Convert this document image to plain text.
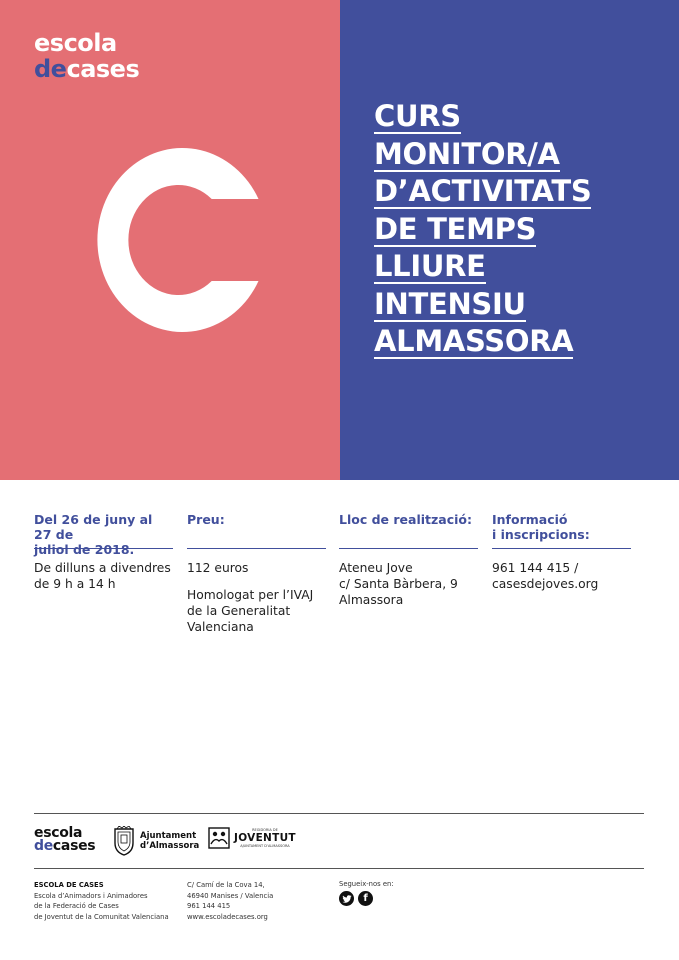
escola
decases
CURS
MONITOR/A
D’ACTIVITATS
DE TEMPS
LLIURE
INTENSIU
ALMASSORA

Del 26 de juny al 27 de
juliol de 2018.

De dilluns a divendres
de 9 h a 14 h

Preu:

112 euros

Homologat per l’IVAJ
de la Generalitat
Valenciana

Lloc de realització:

Ateneu Jove
c/ Santa Bàrbera, 9
Almassora

Informació
i inscripcions:

961 144 415 /
casesdejoves.org

escola
decases
Ajuntament
d’Almassora
REGIDORIA DE
JOVENTUT
AJUNTAMENT D’ALMASSORA
ESCOLA DE CASES
Escola d’Animadors i Animadores
de la Federació de Cases
de Joventut de la Comunitat Valenciana
C/ Camí de la Cova 14,
46940 Manises / Valencia
961 144 415
www.escoladecases.org
Segueix-nos en:
f
